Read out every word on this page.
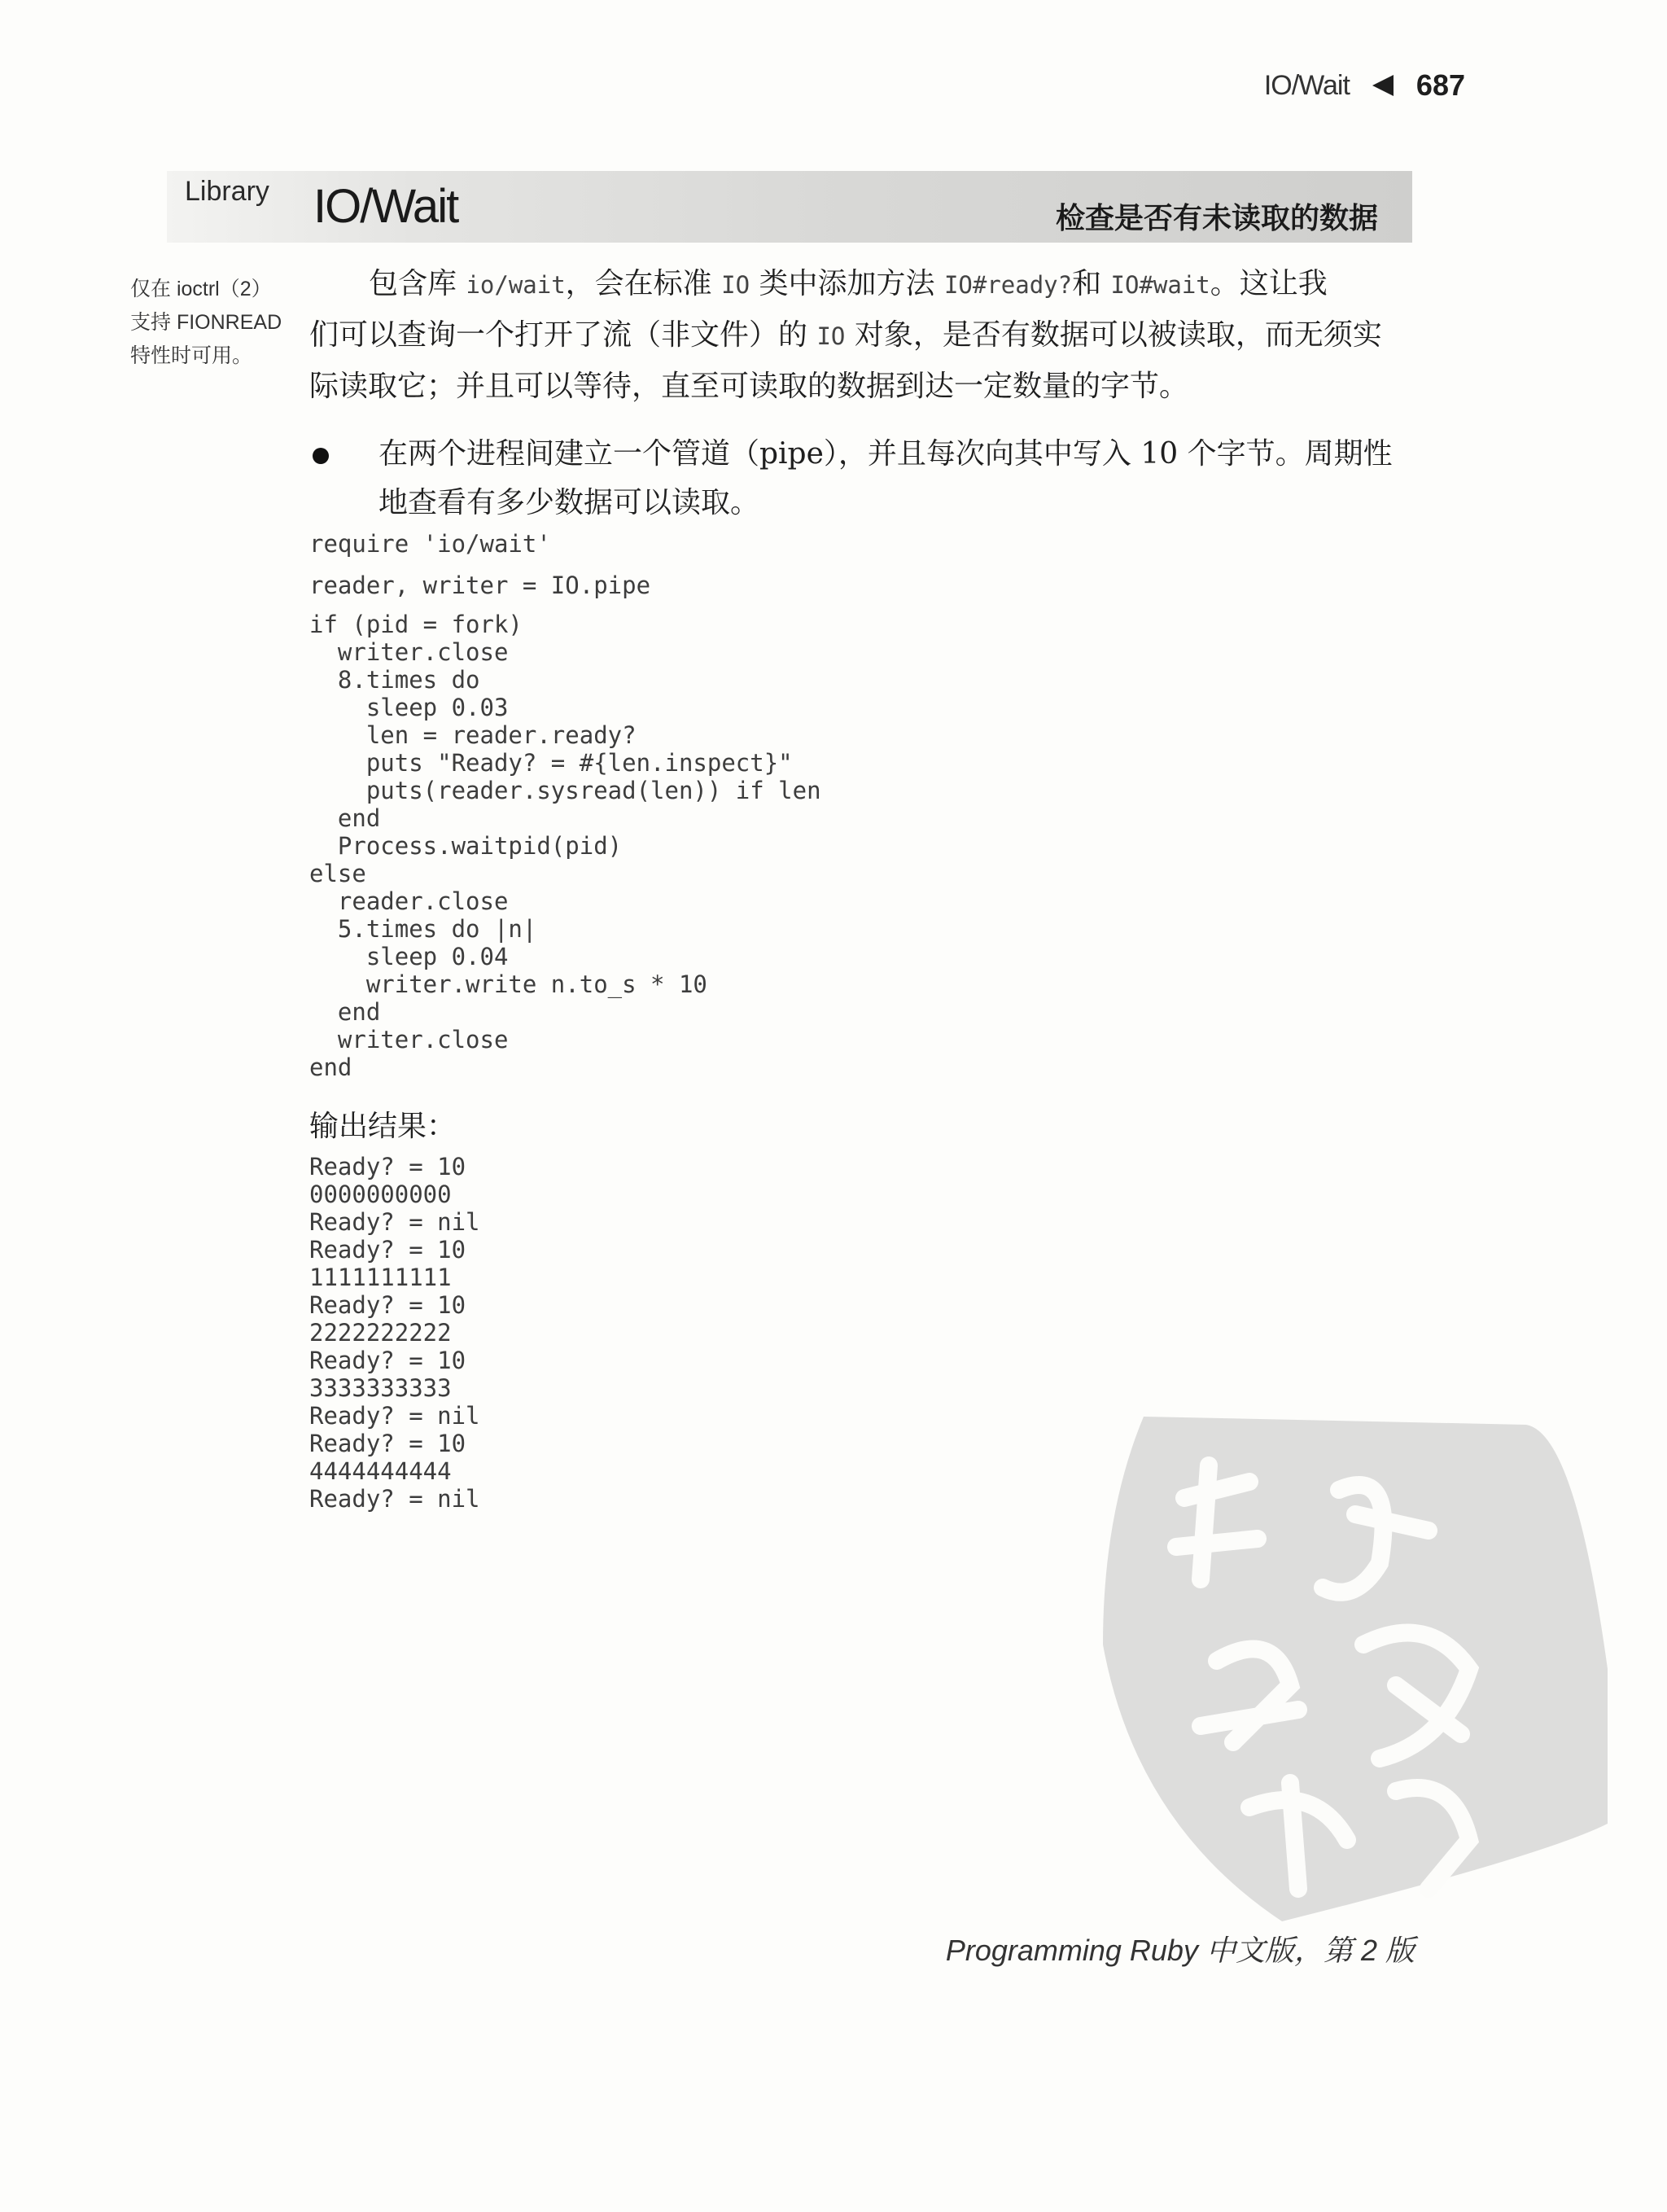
IO/Wait 687
Library IO/Wait	检查是否有未读取的数据
仅在 ioctrl（2）
支持 FIONREAD
特性时可用。
包含库 io/wait，会在标准 IO 类中添加方法 IO#ready?和 IO#wait。这让我
们可以查询一个打开了流（非文件）的 IO 对象，是否有数据可以被读取，而无须实
际读取它；并且可以等待，直至可读取的数据到达一定数量的字节。
在两个进程间建立一个管道（pipe），并且每次向其中写入 10 个字节。周期性
地查看有多少数据可以读取。
require 'io/wait'
reader, writer = IO.pipe
if (pid = fork)
writer.close
8.times do
sleep 0.03
len = reader.ready?
puts "Ready? = #{len.inspect}"
puts(reader.sysread(len)) if len
end
Process.waitpid(pid)
else
reader.close
5.times do |n|
sleep 0.04
writer.write n.to_s * 10
end
writer.close
end
输出结果：
Ready? = 10
0000000000
Ready? = nil
Ready? = 10
1111111111
Ready? = 10
2222222222
Ready? = 10
3333333333
Ready? = nil
Ready? = 10
4444444444
Ready? = nil
Programming Ruby 中文版，第 2 版
